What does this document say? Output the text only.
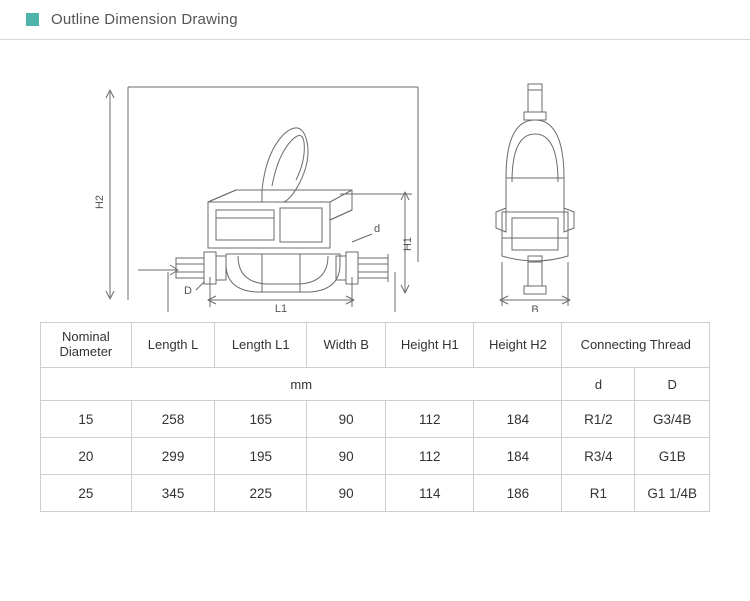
Outline Dimension Drawing
H2
H1
d
D
L1	B
Nominal
Diameter	Length L	Length L1	Width B	Height H1	Height H2	Connecting Thread	
mm						d	D
15	258	165	90	112	184	R1/2	G3/4B
20	299	195	90	112	184	R3/4	G1B
25	345	225	90	114	186	R1	G1 1/4B
